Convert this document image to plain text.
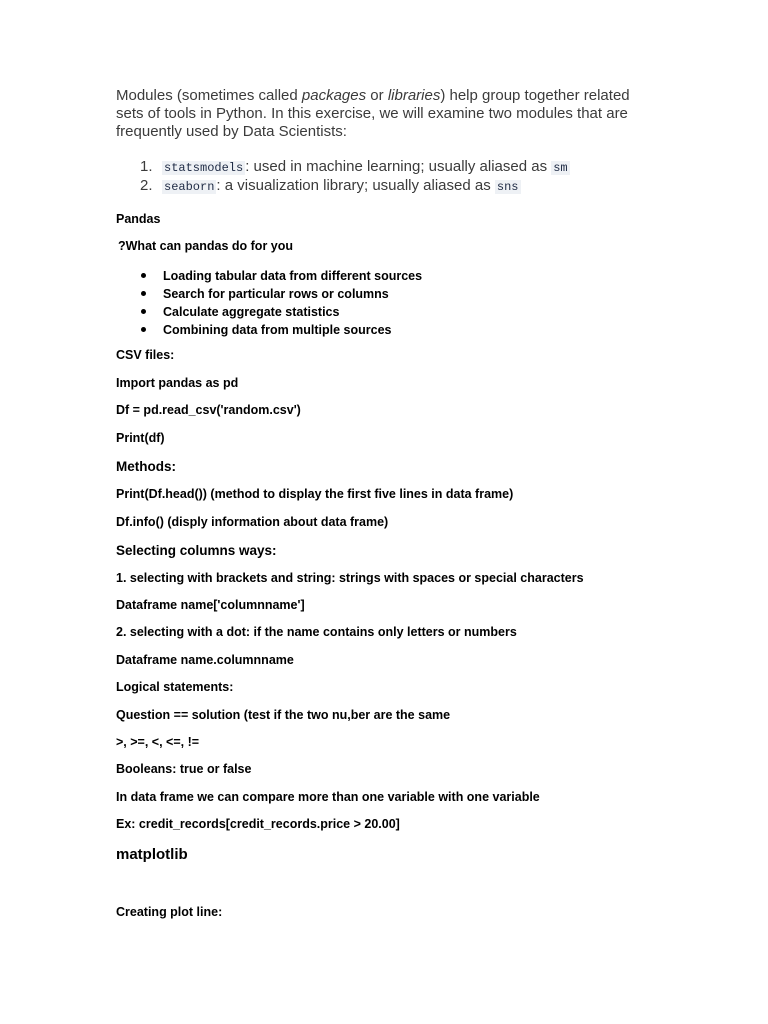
Modules (sometimes called packages or libraries) help group together related sets of tools in Python. In this exercise, we will examine two modules that are frequently used by Data Scientists:

1. statsmodels : used in machine learning; usually aliased as sm
2. seaborn : a visualization library; usually aliased as sns

Pandas

?What can pandas do for you

Loading tabular data from different sources
Search for particular rows or columns
Calculate aggregate statistics
Combining data from multiple sources

CSV files:

Import pandas as pd

Df = pd.read_csv('random.csv')

Print(df)

Methods:

Print(Df.head()) (method to display the first five lines in data frame)

Df.info() (disply information about data frame)

Selecting columns ways:

1. selecting with brackets and string: strings with spaces or special characters

Dataframe name['columnname']

2. selecting with a dot: if the name contains only letters or numbers

Dataframe name.columnname

Logical statements:

Question == solution (test if the two nu,ber are the same

>, >=, <, <=, !=

Booleans: true or false

In data frame we can compare more than one variable with one variable

Ex: credit_records[credit_records.price > 20.00]

matplotlib

Creating plot line:
